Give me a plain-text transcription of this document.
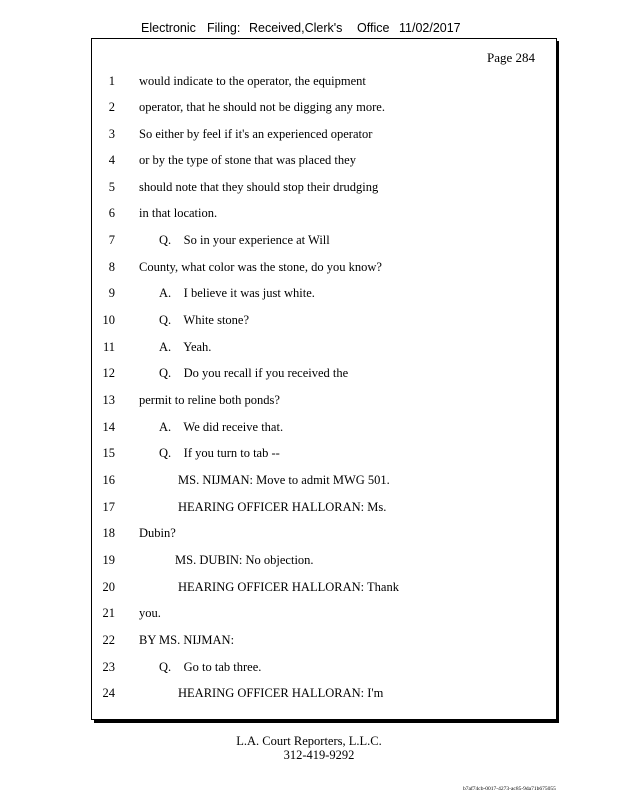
Electronic Filing: Received,Clerk's Office 11/02/2017
Page 284
1 would indicate to the operator, the equipment
2 operator, that he should not be digging any more.
3 So either by feel if it's an experienced operator
4 or by the type of stone that was placed they
5 should note that they should stop their drudging
6 in that location.
7	Q.    So in your experience at Will
8 County, what color was the stone, do you know?
9	A.    I believe it was just white.
10	Q.    White stone?
11	A.    Yeah.
12	Q.    Do you recall if you received the
13 permit to reline both ponds?
14	A.    We did receive that.
15	Q.    If you turn to tab --
16	MS. NIJMAN: Move to admit MWG 501.
17	HEARING OFFICER HALLORAN: Ms.
18 Dubin?
19	MS. DUBIN: No objection.
20	HEARING OFFICER HALLORAN: Thank
21 you.
22 BY MS. NIJMAN:
23	Q.    Go to tab three.
24	HEARING OFFICER HALLORAN: I'm
L.A. Court Reporters, L.L.C.
312-419-9292
b7af74cb-0017-4273-ac85-9da71b675055
